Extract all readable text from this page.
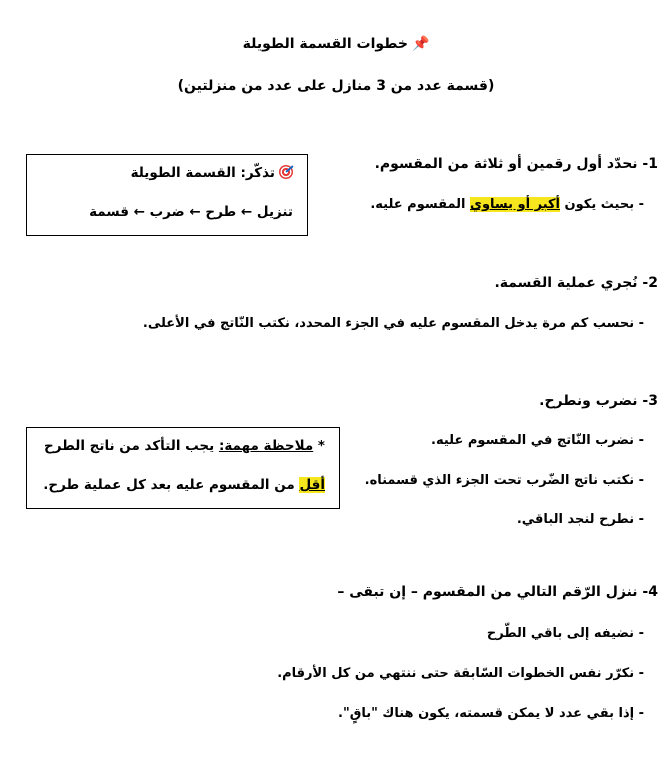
📌خطوات القسمة الطويلة
(قسمة عدد من 3 منازل على عدد من منزلتين)
1- نحدّد أول رقمين أو ثلاثة من المقسوم.
- بحيث يكون أكبر أو يساوي المقسوم عليه.
تذكّر: القسمة الطويلة
تنزيل ← طرح ← ضرب ← قسمة
2- نُجري عملية القسمة.
- نحسب كم مرة يدخل المقسوم عليه في الجزء المحدد، نكتب النّاتج في الأعلى.
3- نضرب ونطرح.
- نضرب النّاتج في المقسوم عليه.
- نكتب ناتج الضّرب تحت الجزء الذي قسمناه.
- نطرح لنجد الباقي.
* ملاحظة مهمة: يجب التأكد من ناتج الطرح
أقل من المقسوم عليه بعد كل عملية طرح.
4- ننزل الرّقم التالي من المقسوم – إن تبقى –
- نضيفه إلى باقي الطّرح
- نكرّر نفس الخطوات السّابقة حتى ننتهي من كل الأرقام.
- إذا بقي عدد لا يمكن قسمته، يكون هناك "باقٍ".
